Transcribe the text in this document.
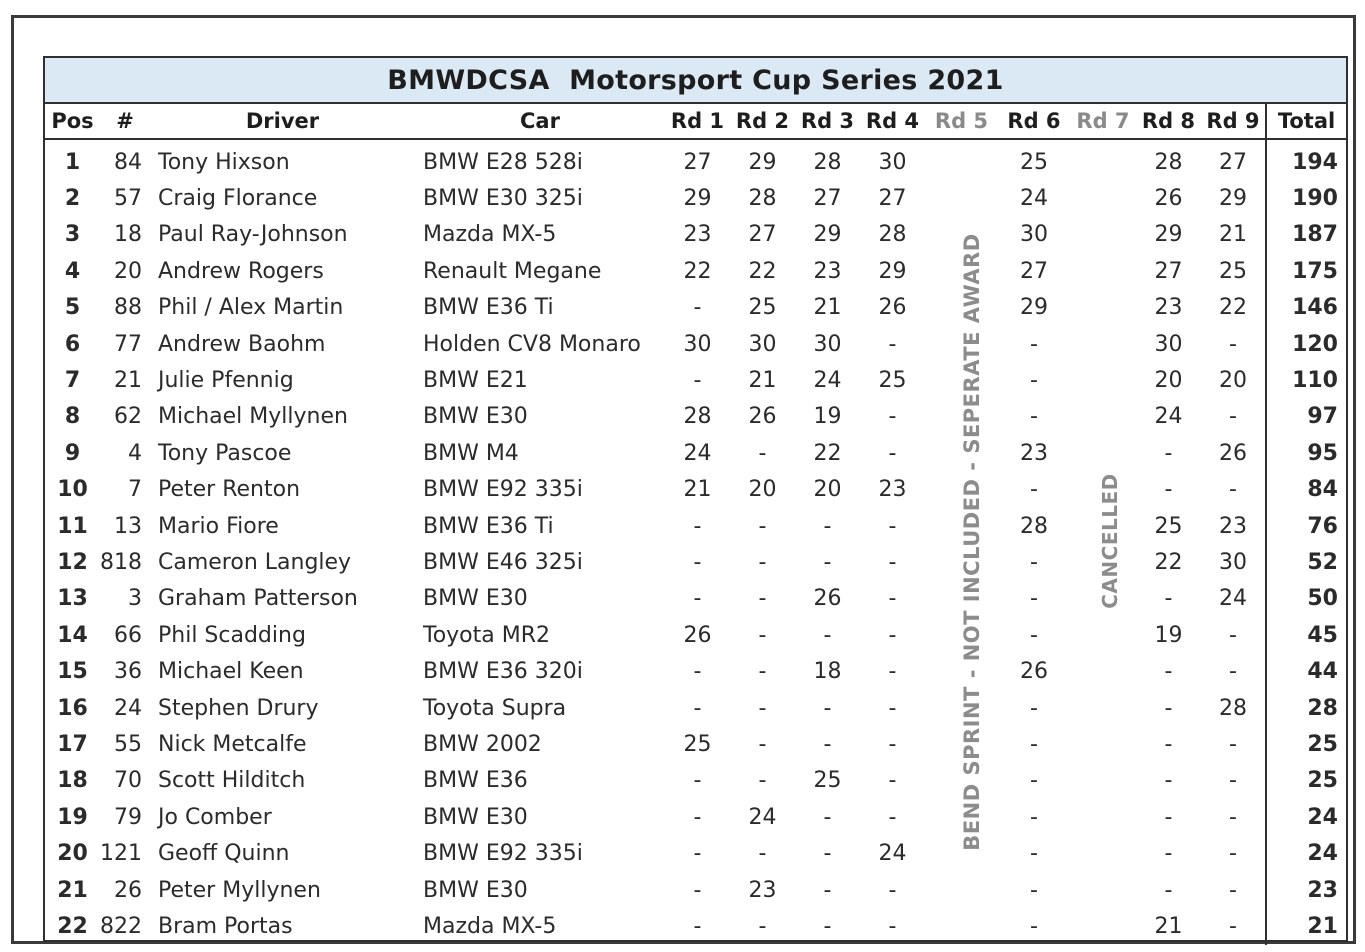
BMWDCSA  Motorsport Cup Series 2021
Pos	#	Driver	Car	Rd 1	Rd 2	Rd 3	Rd 4	Rd 5	Rd 6	Rd 7	Rd 8	Rd 9	Total
1	84	Tony Hixson	BMW E28 528i	27	29	28	30		25		28	27	194
2	57	Craig Florance	BMW E30 325i	29	28	27	27		24		26	29	190
3	18	Paul Ray-Johnson	Mazda MX-5	23	27	29	28		30		29	21	187
4	20	Andrew Rogers	Renault Megane	22	22	23	29		27		27	25	175
5	88	Phil / Alex Martin	BMW E36 Ti	-	25	21	26		29		23	22	146
6	77	Andrew Baohm	Holden CV8 Monaro	30	30	30	-		-		30	-	120
7	21	Julie Pfennig	BMW E21	-	21	24	25		-		20	20	110
8	62	Michael Myllynen	BMW E30	28	26	19	-		-		24	-	97
9	4	Tony Pascoe	BMW M4	24	-	22	-		23		-	26	95
10	7	Peter Renton	BMW E92 335i	21	20	20	23		-		-	-	84
11	13	Mario Fiore	BMW E36 Ti	-	-	-	-		28		25	23	76
12	818	Cameron Langley	BMW E46 325i	-	-	-	-		-		22	30	52
13	3	Graham Patterson	BMW E30	-	-	26	-		-		-	24	50
14	66	Phil Scadding	Toyota MR2	26	-	-	-		-		19	-	45
15	36	Michael Keen	BMW E36 320i	-	-	18	-		26		-	-	44
16	24	Stephen Drury	Toyota Supra	-	-	-	-		-		-	28	28
17	55	Nick Metcalfe	BMW 2002	25	-	-	-		-		-	-	25
18	70	Scott Hilditch	BMW E36	-	-	25	-		-		-	-	25
19	79	Jo Comber	BMW E30	-	24	-	-		-		-	-	24
20	121	Geoff Quinn	BMW E92 335i	-	-	-	24		-		-	-	24
21	26	Peter Myllynen	BMW E30	-	23	-	-		-		-	-	23
22	822	Bram Portas	Mazda MX-5	-	-	-	-		-		21	-	21
BEND SPRINT - NOT INCLUDED - SEPERATE AWARD	CANCELLED
